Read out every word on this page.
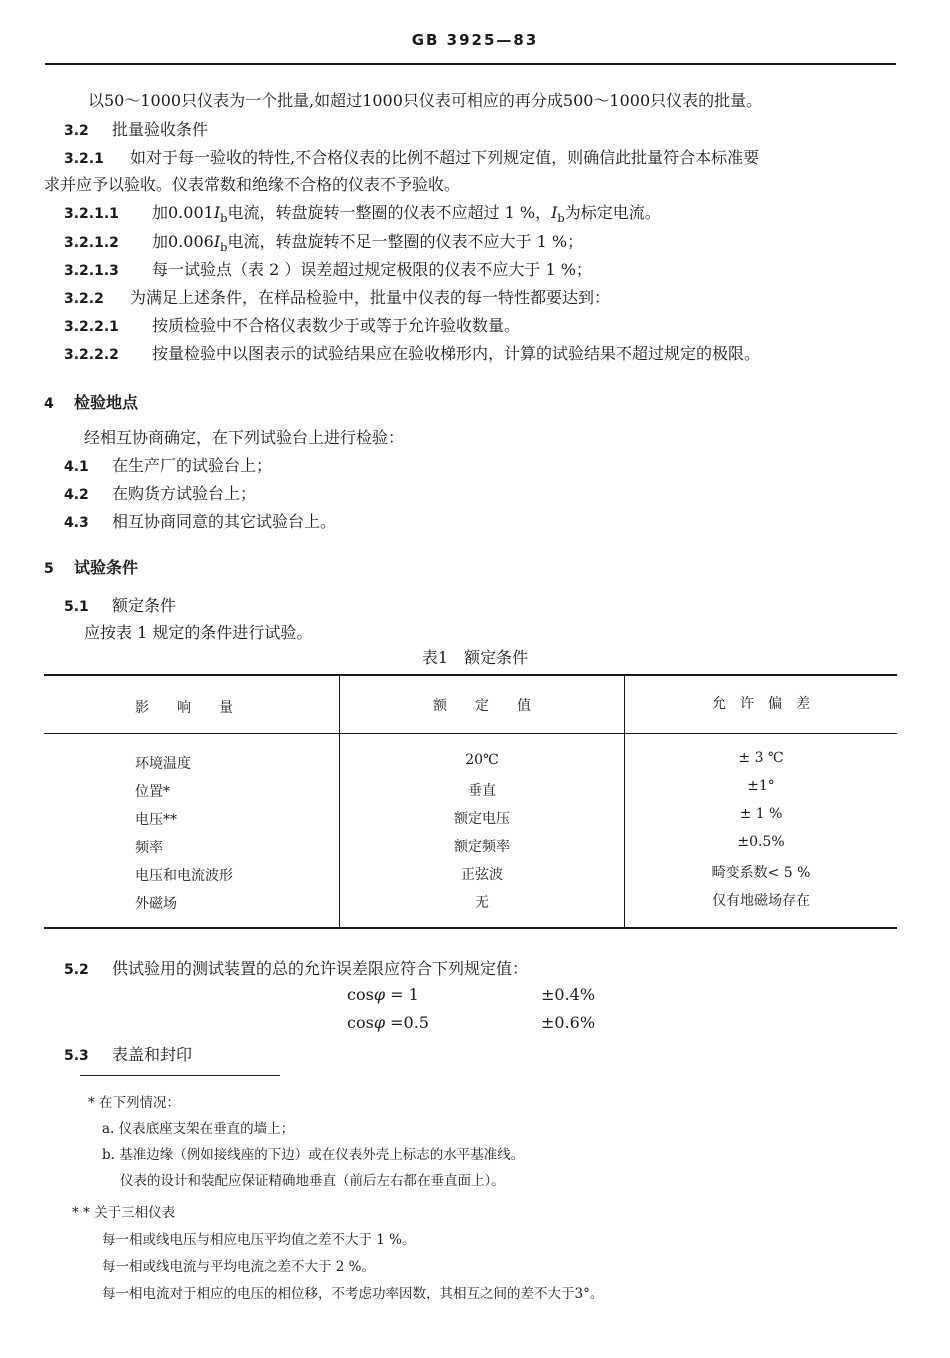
GB 3925—83
以50～1000只仪表为一个批量,如超过1000只仪表可相应的再分成500～1000只仪表的批量。
3.2 批量验收条件
3.2.1 如对于每一验收的特性,不合格仪表的比例不超过下列规定值，则确信此批量符合本标准要
求并应予以验收。仪表常数和绝缘不合格的仪表不予验收。
3.2.1.1 加$0.001I_b$电流，转盘旋转一整圈的仪表不应超过 1 %，$I_b$为标定电流。
3.2.1.2 加$0.006I_b$电流，转盘旋转不足一整圈的仪表不应大于 1 %；
3.2.1.3 每一试验点（表 2 ）误差超过规定极限的仪表不应大于 1 %；
3.2.2 为满足上述条件，在样品检验中，批量中仪表的每一特性都要达到：
3.2.2.1 按质检验中不合格仪表数少于或等于允许验收数量。
3.2.2.2 按量检验中以图表示的试验结果应在验收梯形内，计算的试验结果不超过规定的极限。
4 检验地点
经相互协商确定，在下列试验台上进行检验：
4.1 在生产厂的试验台上；
4.2 在购货方试验台上；
4.3 相互协商同意的其它试验台上。
5 试验条件
5.1 额定条件
应按表 1 规定的条件进行试验。
表1　额定条件
影　　响　　量	额　　定　　值	允　许　偏　差
环境温度	20℃	± 3 ℃
位置*	垂直	±1°
电压**	额定电压	± 1 %
频率	额定频率	±0.5%
电压和电流波形	正弦波	畸变系数< 5 %
外磁场	无	仅有地磁场存在
5.2 供试验用的测试装置的总的允许误差限应符合下列规定值：
cosφ = 1	±0.4%
cosφ =0.5	±0.6%
5.3 表盖和封印
* 在下列情况：
a. 仪表底座支架在垂直的墙上；
b. 基准边缘（例如接线座的下边）或在仪表外壳上标志的水平基准线。
仪表的设计和装配应保证精确地垂直（前后左右都在垂直面上）。
* * 关于三相仪表
每一相或线电压与相应电压平均值之差不大于 1 %。
每一相或线电流与平均电流之差不大于 2 %。
每一相电流对于相应的电压的相位移，不考虑功率因数，其相互之间的差不大于3°。
